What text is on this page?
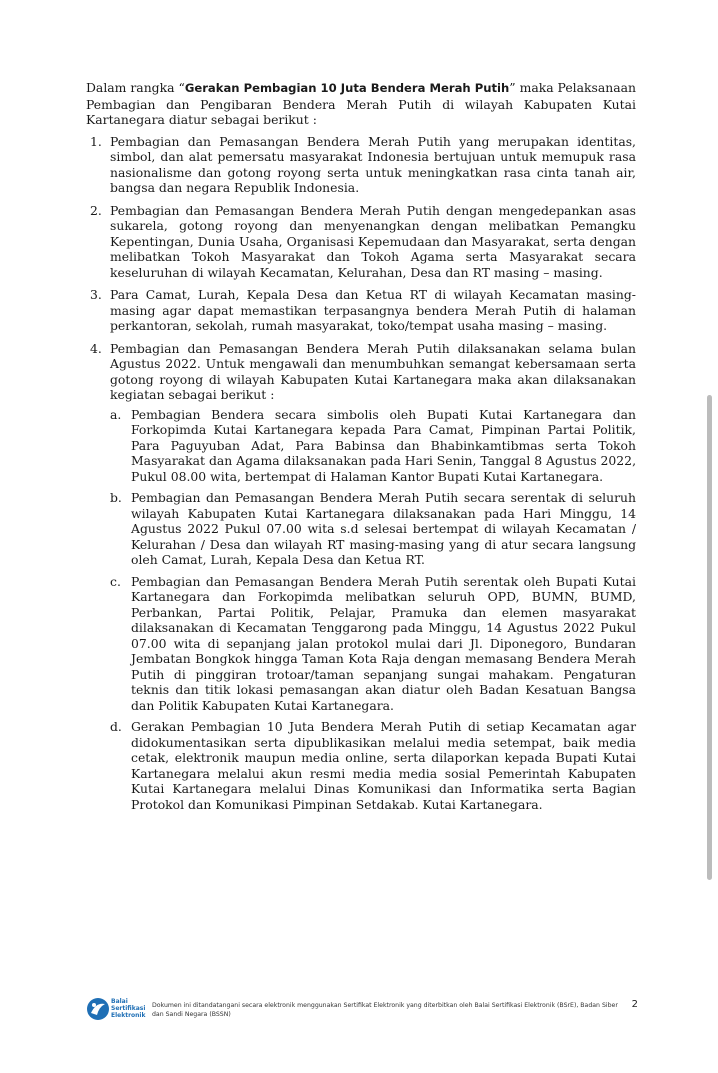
Dalam rangka “Gerakan Pembagian 10 Juta Bendera Merah Putih” maka Pelaksanaan Pembagian dan Pengibaran Bendera Merah Putih di wilayah Kabupaten Kutai Kartanegara diatur sebagai berikut :

1. Pembagian dan Pemasangan Bendera Merah Putih yang merupakan identitas, simbol, dan alat pemersatu masyarakat Indonesia bertujuan untuk memupuk rasa nasionalisme dan gotong royong serta untuk meningkatkan rasa cinta tanah air, bangsa dan negara Republik Indonesia.
2. Pembagian dan Pemasangan Bendera Merah Putih dengan mengedepankan asas sukarela, gotong royong dan menyenangkan dengan melibatkan Pemangku Kepentingan, Dunia Usaha, Organisasi Kepemudaan dan Masyarakat, serta dengan melibatkan Tokoh Masyarakat dan Tokoh Agama serta Masyarakat secara keseluruhan di wilayah Kecamatan, Kelurahan, Desa dan RT masing – masing.
3. Para Camat, Lurah, Kepala Desa dan Ketua RT di wilayah Kecamatan masing-masing agar dapat memastikan terpasangnya bendera Merah Putih di halaman perkantoran, sekolah, rumah masyarakat, toko/tempat usaha masing – masing.
4. Pembagian dan Pemasangan Bendera Merah Putih dilaksanakan selama bulan Agustus 2022. Untuk mengawali dan menumbuhkan semangat kebersamaan serta gotong royong di wilayah Kabupaten Kutai Kartanegara maka akan dilaksanakan kegiatan sebagai berikut :
a. Pembagian Bendera secara simbolis oleh Bupati Kutai Kartanegara dan Forkopimda Kutai Kartanegara kepada Para Camat, Pimpinan Partai Politik, Para Paguyuban Adat, Para Babinsa dan Bhabinkamtibmas serta Tokoh Masyarakat dan Agama dilaksanakan pada Hari Senin, Tanggal 8 Agustus 2022, Pukul 08.00 wita, bertempat di Halaman Kantor Bupati Kutai Kartanegara.
b. Pembagian dan Pemasangan Bendera Merah Putih secara serentak di seluruh wilayah Kabupaten Kutai Kartanegara dilaksanakan pada Hari Minggu, 14 Agustus 2022 Pukul 07.00 wita s.d selesai bertempat di wilayah Kecamatan / Kelurahan / Desa dan wilayah RT masing-masing yang di atur secara langsung oleh Camat, Lurah, Kepala Desa dan Ketua RT.
c. Pembagian dan Pemasangan Bendera Merah Putih serentak oleh Bupati Kutai Kartanegara dan Forkopimda melibatkan seluruh OPD, BUMN, BUMD, Perbankan, Partai Politik, Pelajar, Pramuka dan elemen masyarakat dilaksanakan di Kecamatan Tenggarong pada Minggu, 14 Agustus 2022 Pukul 07.00 wita di sepanjang jalan protokol mulai dari Jl. Diponegoro, Bundaran Jembatan Bongkok hingga Taman Kota Raja dengan memasang Bendera Merah Putih di pinggiran trotoar/taman sepanjang sungai mahakam. Pengaturan teknis dan titik lokasi pemasangan akan diatur oleh Badan Kesatuan Bangsa dan Politik Kabupaten Kutai Kartanegara.
d. Gerakan Pembagian 10 Juta Bendera Merah Putih di setiap Kecamatan agar didokumentasikan serta dipublikasikan melalui media setempat, baik media cetak, elektronik maupun media online, serta dilaporkan kepada Bupati Kutai Kartanegara melalui akun resmi media media sosial Pemerintah Kabupaten Kutai Kartanegara melalui Dinas Komunikasi dan Informatika serta Bagian Protokol dan Komunikasi Pimpinan Setdakab. Kutai Kartanegara.
Balai
Sertifikasi
Elektronik
Dokumen ini ditandatangani secara elektronik menggunakan Sertifikat Elektronik yang diterbitkan oleh Balai Sertifikasi Elektronik (BSrE), Badan Siber dan Sandi Negara (BSSN)
2
